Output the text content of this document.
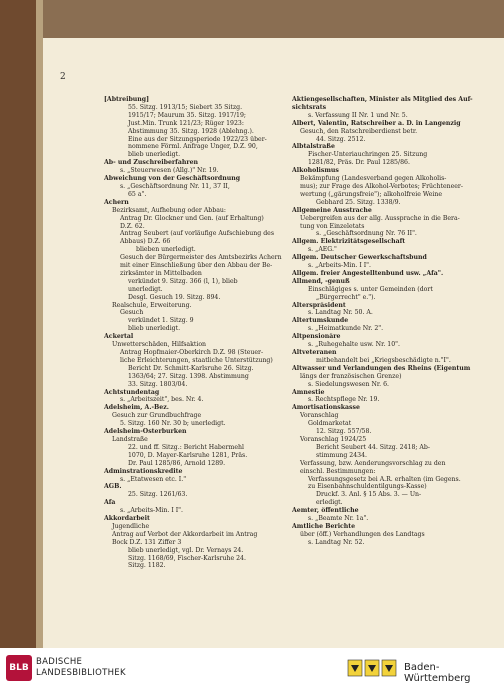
2
[Abtreibung]
55. Sitzg. 1913/15; Siebert 35 Sitzg.
1915/17; Maurum 35. Sitzg. 1917/19;
Just.Min. Trunk 121/23; Rüger 1923:
Abstimmung 35. Sitzg. 1928 (Ablehng.).
Eine aus der Sitzungsperiode 1922/23 über-
nommene Förml. Anfrage Unger, D.Z. 90,
blieb unerledigt.
Ab- und Zuschreiberfahren
s. „Steuerwesen (Allg.)" Nr. 19.
Abweichung von der Geschäftsordnung
s. „Geschäftsordnung Nr. 11, 37 II,
65 a".
Achern
Bezirksamt, Aufhebung oder Abbau:
Antrag Dr. Glockner und Gen. (auf Erhaltung)
D.Z. 62.
Antrag Seubert (auf vorläufige Aufschiebung des
Abbaus) D.Z. 66
blieben unerledigt.
Gesuch der Bürgermeister des Amtsbezirks Achern
mit einer Einschließung über den Abbau der Be-
zirksämter in Mittelbaden
verkündet 9. Sitzg. 366 (l, 1), blieb
unerledigt.
Desgl. Gesuch 19. Sitzg. 894.
Realschule, Erweiterung.
Gesuch
verkündet 1. Sitzg. 9
blieb unerledigt.
Ackertal
Unwetterschäden, Hilfsaktion
Antrag Hopfmaier-Oberkirch D.Z. 98 (Steuer-
liche Erleichterungen, staatliche Unterstützung)
Bericht Dr. Schmitt-Karlsruhe 26. Sitzg.
1363/64; 27. Sitzg. 1398. Abstimmung
33. Sitzg. 1803/04.
Achtstundentag
s. „Arbeitszeit", bes. Nr. 4.
Adelsheim, A.-Bez.
Gesuch zur Grundbuchfrage
5. Sitzg. 160 Nr. 30 b; unerledigt.
Adelsheim-Osterburken
Landstraße
22. und ff. Sitzg.: Bericht Habermehl
1070, D. Mayer-Karlsruhe 1281, Präs.
Dr. Paul 1285/86, Arnold 1289.
Adminstrationskredite
s. „Etatwesen etc. I."
AGB.
25. Sitzg. 1261/63.
Afa
s. „Arbeits-Min. I I".
Akkordarbeit
Jugendliche
Antrag auf Verbot der Akkordarbeit im Antrag
Bock D.Z. 131 Ziffer 3
blieb unerledigt, vgl. Dr. Vernays 24.
Sitzg. 1168/69, Fischer-Karlsruhe 24.
Sitzg. 1182.
Aktiengesellschaften, Minister als Mitglied des Auf-
sichtsrats
s. Verfassung II Nr. 1 und Nr. 5.
Albert, Valentin, Ratschreiber a. D. in Langenzig
Gesuch, den Ratschreiberdienst betr.
44. Sitzg. 2512.
Albtalstraße
Fischer-Unteriauchringen 25. Sitzung
1281/82, Präs. Dr. Paul 1285/86.
Alkoholismus
Bekämpfung (Landesverband gegen Alkoholis-
mus); zur Frage des Alkohol-Verbotes; Früchteneer-
wertung („gärungsfreie"); alkoholfreie Weine
Gebhard 25. Sitzg. 1338/9.
Allgemeine Ausstrache
Uebergreifen aus der allg. Aussprache in die Bera-
tung von Einzeletats
s. „Geschäftsordnung Nr. 76 II".
Allgem. Elektrizitätsgesellschaft
s. „AEG."
Allgem. Deutscher Gewerkschaftsbund
s. „Arbeits-Min. I I".
Allgem. freier Angestelltenbund usw. „Afa".
Allmend, -genuß
Einschlägiges s. unter Gemeinden (dort
„Bürgerrecht" e.").
Alterspräsident
s. Landtag Nr. 50. A.
Altertumskunde
s. „Heimatkunde Nr. 2".
Altpensionäre
s. „Ruhegehalte usw. Nr. 10".
Altveteranen
mitbehandelt bei „Kriegsbeschädigte n."I".
Altwasser und Verlandungen des Rheins (Eigentum
längs der französischen Grenze)
s. Siedelungswesen Nr. 6.
Amnestie
s. Rechtspflege Nr. 19.
Amortisationskasse
Voranschlag
Goldmarketat
12. Sitzg. 557/58.
Voranschlag 1924/25
Bericht Seubert 44. Sitzg. 2418; Ab-
stimmung 2434.
Verfassung, bzw. Aenderungsvorschlag zu den
einschl. Bestimmungen:
Verfassungsgesetz bei A.R. erhalten (im Gegens.
zu Eisenbahnschuldentilgungs-Kasse)
Druckf. 3. Anl. § 15 Abs. 3. — Un-
erledigt.
Aemter, öffentliche
s. „Beamte Nr. 1a".
Amtliche Berichte
über (öff.) Verhandlungen des Landtags
s. Landtag Nr. 52.
BLB
BADISCHE
LANDESBIBLIOTHEK	Baden-Württemberg
